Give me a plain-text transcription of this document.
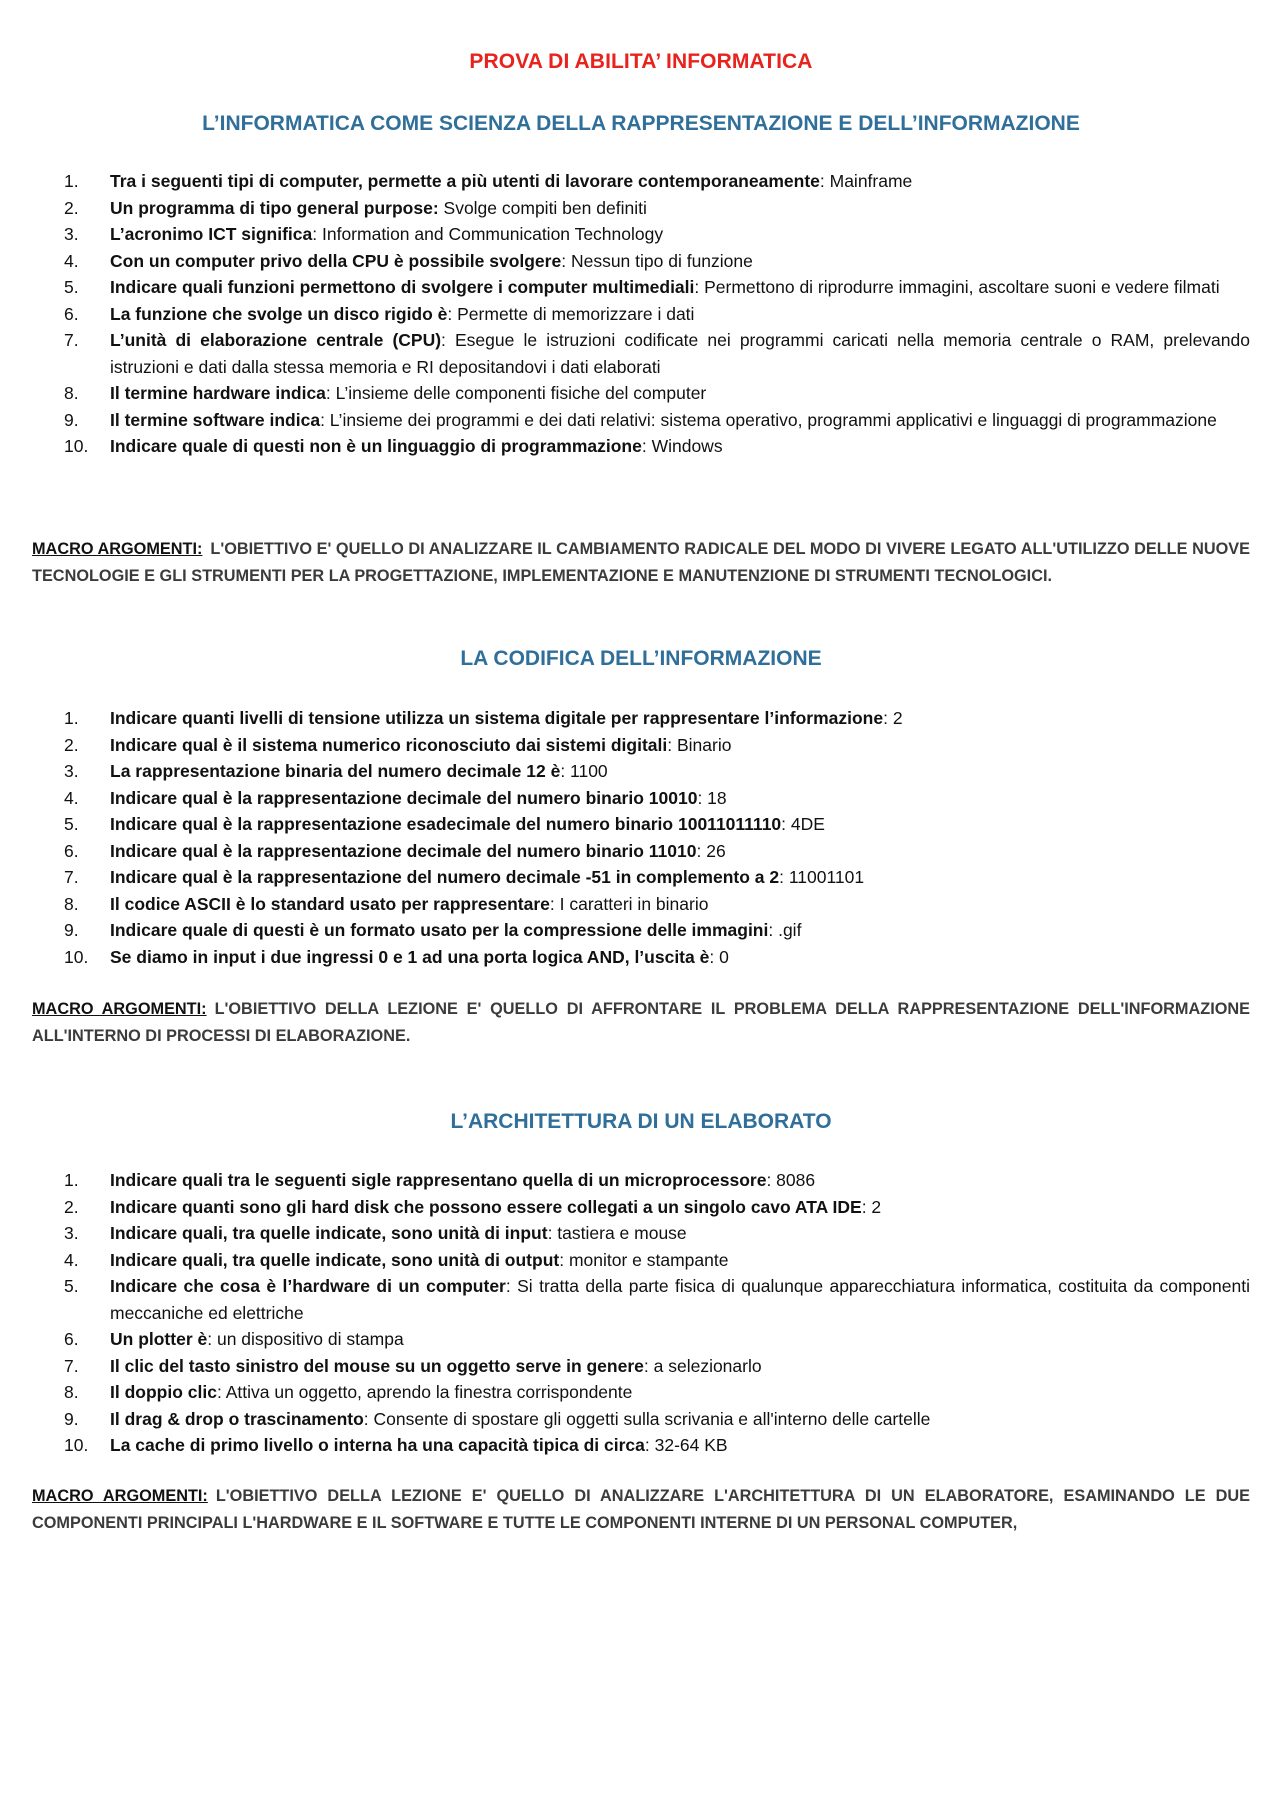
PROVA DI ABILITA’ INFORMATICA
L’INFORMATICA COME SCIENZA DELLA RAPPRESENTAZIONE E DELL’INFORMAZIONE
1.	Tra i seguenti tipi di computer, permette a più utenti di lavorare contemporaneamente: Mainframe
2.	Un programma di tipo general purpose: Svolge compiti ben definiti
3.	L’acronimo ICT significa: Information and Communication Technology
4.	Con un computer privo della CPU è possibile svolgere: Nessun tipo di funzione
5.	Indicare quali funzioni permettono di svolgere i computer multimediali: Permettono di riprodurre immagini, ascoltare suoni e vedere filmati
6.	La funzione che svolge un disco rigido è: Permette di memorizzare i dati
7.	L’unità di elaborazione centrale (CPU): Esegue le istruzioni codificate nei programmi caricati nella memoria centrale o RAM, prelevando istruzioni e dati dalla stessa memoria e RI depositandovi i dati elaborati
8.	Il termine hardware indica: L’insieme delle componenti fisiche del computer
9.	Il termine software indica: L’insieme dei programmi e dei dati relativi: sistema operativo, programmi applicativi e linguaggi di programmazione
10.	Indicare quale di questi non è un linguaggio di programmazione: Windows
MACRO ARGOMENTI: L'OBIETTIVO E' QUELLO DI ANALIZZARE IL CAMBIAMENTO RADICALE DEL MODO DI VIVERE LEGATO ALL'UTILIZZO DELLE NUOVE TECNOLOGIE E GLI STRUMENTI PER LA PROGETTAZIONE, IMPLEMENTAZIONE E MANUTENZIONE DI STRUMENTI TECNOLOGICI.
LA CODIFICA DELL’INFORMAZIONE
1.	Indicare quanti livelli di tensione utilizza un sistema digitale per rappresentare l’informazione: 2
2.	Indicare qual è il sistema numerico riconosciuto dai sistemi digitali: Binario
3.	La rappresentazione binaria del numero decimale 12 è: 1100
4.	Indicare qual è la rappresentazione decimale del numero binario 10010: 18
5.	Indicare qual è la rappresentazione esadecimale del numero binario 10011011110: 4DE
6.	Indicare qual è la rappresentazione decimale del numero binario 11010: 26
7.	Indicare qual è la rappresentazione del numero decimale -51 in complemento a 2: 11001101
8.	Il codice ASCII è lo standard usato per rappresentare: I caratteri in binario
9.	Indicare quale di questi è un formato usato per la compressione delle immagini: .gif
10.	Se diamo in input i due ingressi 0 e 1 ad una porta logica AND, l’uscita è: 0
MACRO ARGOMENTI: L'OBIETTIVO DELLA LEZIONE E' QUELLO DI AFFRONTARE IL PROBLEMA DELLA RAPPRESENTAZIONE DELL'INFORMAZIONE ALL'INTERNO DI PROCESSI DI ELABORAZIONE.
L’ARCHITETTURA DI UN ELABORATO
1.	Indicare quali tra le seguenti sigle rappresentano quella di un microprocessore: 8086
2.	Indicare quanti sono gli hard disk che possono essere collegati a un singolo cavo ATA IDE: 2
3.	Indicare quali, tra quelle indicate, sono unità di input: tastiera e mouse
4.	Indicare quali, tra quelle indicate, sono unità di output: monitor e stampante
5.	Indicare che cosa è l’hardware di un computer: Si tratta della parte fisica di qualunque apparecchiatura informatica, costituita da componenti meccaniche ed elettriche
6.	Un plotter è: un dispositivo di stampa
7.	Il clic del tasto sinistro del mouse su un oggetto serve in genere: a selezionarlo
8.	Il doppio clic: Attiva un oggetto, aprendo la finestra corrispondente
9.	Il drag & drop o trascinamento: Consente di spostare gli oggetti sulla scrivania e all'interno delle cartelle
10.	La cache di primo livello o interna ha una capacità tipica di circa: 32-64 KB
MACRO ARGOMENTI: L'OBIETTIVO DELLA LEZIONE E' QUELLO DI ANALIZZARE L'ARCHITETTURA DI UN ELABORATORE, ESAMINANDO LE DUE COMPONENTI PRINCIPALI L'HARDWARE E IL SOFTWARE E TUTTE LE COMPONENTI INTERNE DI UN PERSONAL COMPUTER,
